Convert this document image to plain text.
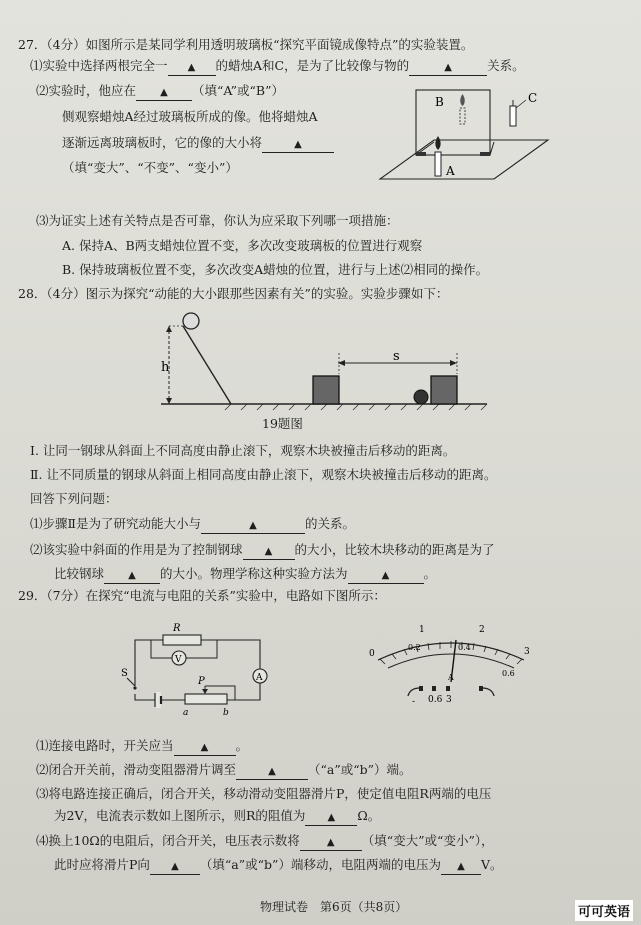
27．（4分）如图所示是某同学利用透明玻璃板“探究平面镜成像特点”的实验装置。
⑴实验中选择两根完全一 ▲ 的蜡烛A和C，是为了比较像与物的	▲	关系。
⑵实验时，他应在 ▲ （填“A”或“B”）
侧观察蜡烛A经过玻璃板所成的像。他将蜡烛A
逐渐远离玻璃板时，它的像的大小将	▲
（填“变大”、“不变”、“变小”）
B	C
A
⑶为证实上述有关特点是否可靠，你认为应采取下列哪一项措施：
A. 保持A、B两支蜡烛位置不变，多次改变玻璃板的位置进行观察
B. 保持玻璃板位置不变，多次改变A蜡烛的位置，进行与上述⑵相同的操作。
28．（4分）图示为探究“动能的大小跟那些因素有关”的实验。实验步骤如下：
h
s
19题图
Ⅰ. 让同一钢球从斜面上不同高度由静止滚下，观察木块被撞击后移动的距离。
Ⅱ. 让不同质量的钢球从斜面上相同高度由静止滚下，观察木块被撞击后移动的距离。
回答下列问题：
⑴步骤Ⅱ是为了研究动能大小与	▲	的关系。
⑵该实验中斜面的作用是为了控制钢球 ▲ 的大小，比较木块移动的距离是为了
比较钢球 ▲ 的大小。物理学称这种实验方法为	▲	。
29．（7分）在探究“电流与电阻的关系”实验中，电路如下图所示：
R
V
A
S
P
a	b
1	2
0
0.2	0.4
0.6
3
A
- 0.6 3
⑴连接电路时，开关应当	▲ 。
⑵闭合开关前，滑动变阻器滑片调至	▲	（“a”或“b”）端。
⑶将电路连接正确后，闭合开关，移动滑动变阻器滑片P，使定值电阻R两端的电压
为2V，电流表示数如上图所示，则R的阻值为 ▲ Ω。
⑷换上10Ω的电阻后，闭合开关，电压表示数将	▲ （填“变大”或“变小”），
此时应将滑片P向 ▲ （填“a”或“b”）端移动，电阻两端的电压为 ▲ V。
物理试卷　第6页（共8页）	可可英语
